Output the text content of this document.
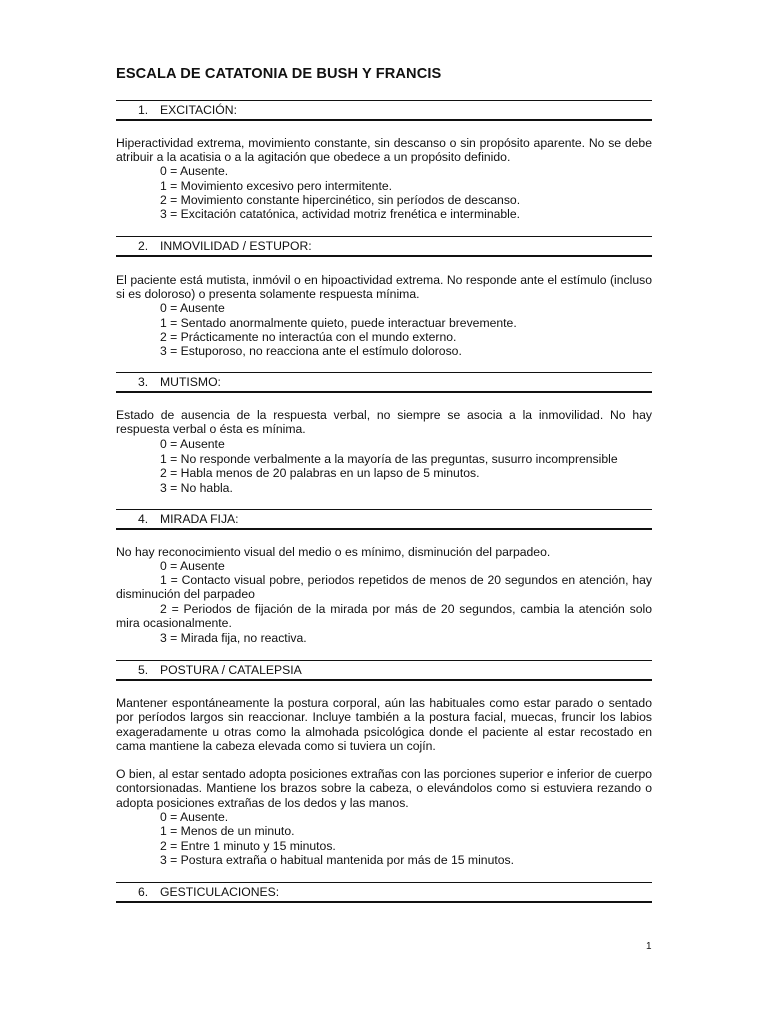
ESCALA DE CATATONIA DE BUSH Y FRANCIS
1. EXCITACIÓN:

Hiperactividad extrema, movimiento constante, sin descanso o sin propósito aparente. No se debe atribuir a la acatisia o a la agitación que obedece a un propósito definido.

0 = Ausente.

1 = Movimiento excesivo pero intermitente.

2 = Movimiento constante hipercinético, sin períodos de descanso.

3 = Excitación catatónica, actividad motriz frenética e interminable.

2. INMOVILIDAD / ESTUPOR:

El paciente está mutista, inmóvil o en hipoactividad extrema. No responde ante el estímulo (incluso si es doloroso) o presenta solamente respuesta mínima.

0 = Ausente

1 = Sentado anormalmente quieto, puede interactuar brevemente.

2 = Prácticamente no interactúa con el mundo externo.

3 = Estuporoso, no reacciona ante el estímulo doloroso.

3. MUTISMO:

Estado de ausencia de la respuesta verbal, no siempre se asocia a la inmovilidad. No hay respuesta verbal o ésta es mínima.

0 = Ausente

1 = No responde verbalmente a la mayoría de las preguntas, susurro incomprensible

2 = Habla menos de 20 palabras en un lapso de 5 minutos.

3 = No habla.

4. MIRADA FIJA:

No hay reconocimiento visual del medio o es mínimo, disminución del parpadeo.

0 = Ausente

1 = Contacto visual pobre, periodos repetidos de menos de 20 segundos en atención, hay disminución del parpadeo

2 = Periodos de fijación de la mirada por más de 20 segundos, cambia la atención solo mira ocasionalmente.

3 = Mirada fija, no reactiva.

5. POSTURA / CATALEPSIA

Mantener espontáneamente la postura corporal, aún las habituales como estar parado o sentado por períodos largos sin reaccionar. Incluye también a la postura facial, muecas, fruncir los labios exageradamente u otras como la almohada psicológica donde el paciente al estar recostado en cama mantiene la cabeza elevada como si tuviera un cojín.

O bien, al estar sentado adopta posiciones extrañas con las porciones superior e inferior de cuerpo contorsionadas. Mantiene los brazos sobre la cabeza, o elevándolos como si estuviera rezando o adopta posiciones extrañas de los dedos y las manos.

0 = Ausente.

1 = Menos de un minuto.

2 = Entre 1 minuto y 15 minutos.

3 = Postura extraña o habitual mantenida por más de 15 minutos.

6. GESTICULACIONES:
1
